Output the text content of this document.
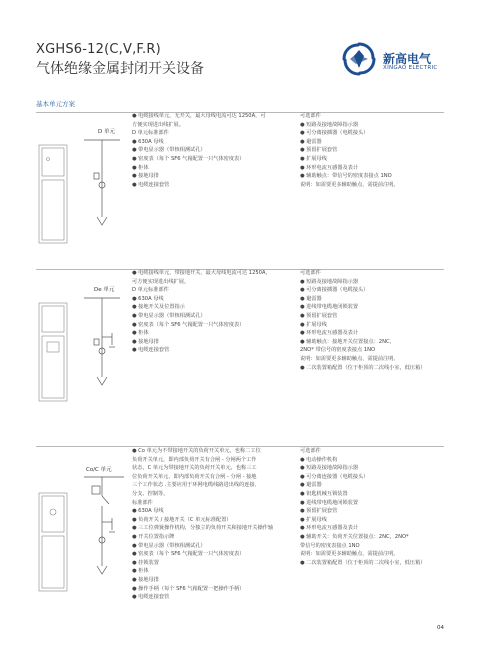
XGHS6-12(C,V,F.R)
气体绝缘金属封闭开关设备
新高电气
XINGAO ELECTRIC
基本单元方案
D 单元
● 电缆接线单元，无开关，最大母线电流可达 1250A，可
方便实现进出线扩展。
D 单元标准部件
● 630A 母线
● 带电显示器（带核相测试孔）
● 密度表（每个 SF6 气箱配置一只气体密度表）
● 柜体
● 接地母排
● 电缆连接套管
可选部件
● 短路及接地故障指示器
● 可分离接插器（电缆接头）
● 避雷器
● 预留扩展套管
● 扩展母线
● 环形电流互感器及表计
● 辅助触点：带信号的密度表接点 1NO
说明：如需要更多辅助触点，需提前注明。
De 单元
● 电缆接线单元，带接地开关，最大母线电流可达 1250A，
可方便实现进出线扩展。
D 单元标准部件
● 630A 母线
● 接地开关及位置指示
● 带电显示器（带核相测试孔）
● 密度表（每个 SF6 气箱配置一只气体密度表）
● 柜体
● 接地母排
● 电缆连接套管
可选部件
● 短路及接地故障指示器
● 可分离接插器（电缆接头）
● 避雷器
● 进线带电缆地闭锁装置
● 预留扩展套管
● 扩展母线
● 环形电流互感器及表计
● 辅助触点：接地开关位置接点：2NC，
2NO* 带信号的密度表接点 1NO
说明：如需要更多辅助触点，需提前注明。
● 二次装置箱配置（位于柜顶的二次线小室，低压箱）
Co/C 单元
● Co 单元为不带接地开关的负荷开关单元，也称二工位
负荷开关单元，即内部负荷开关有合闸 - 分闸两个工作
状态，C 单元为带接地开关的负荷开关单元，也称三工
位负荷开关单元，即内部负荷开关有合闸 - 分闸 - 接地
三个工作状态 .主要应用于环网电缆线路进出线的连接、
分支、控制等。
标准部件
● 630A 母线
● 负荷开关 / 接地开关（C 单元标准配置）
● 三工位弹簧操作机构，分独立的负荷开关和接地开关操作轴
● 开关位置指示牌
● 带电显示器（带核相测试孔）
● 密度表（每个 SF6 气箱配置一只气体密度表）
● 挂锁装置
● 柜体
● 接地母排
● 操作手柄（每个 SF6 气箱配置一把操作手柄）
● 电缆连接套管
可选部件
● 电动操作机构
● 短路及接地故障指示器
● 可分离连接器（电缆接头）
● 避雷器
● 钥匙机械互锁装置
● 进线带电缆地闭锁装置
● 预留扩展套管
● 扩展母线
● 环形电流互感器及表计
● 辅助开关：负荷开关位置接点：2NC，2NO*
带信号的密度表接点 1NO
说明：如需要更多辅助触点，需提前注明。
● 二次装置箱配置（位于柜顶的二次线小室，低压箱）
04
